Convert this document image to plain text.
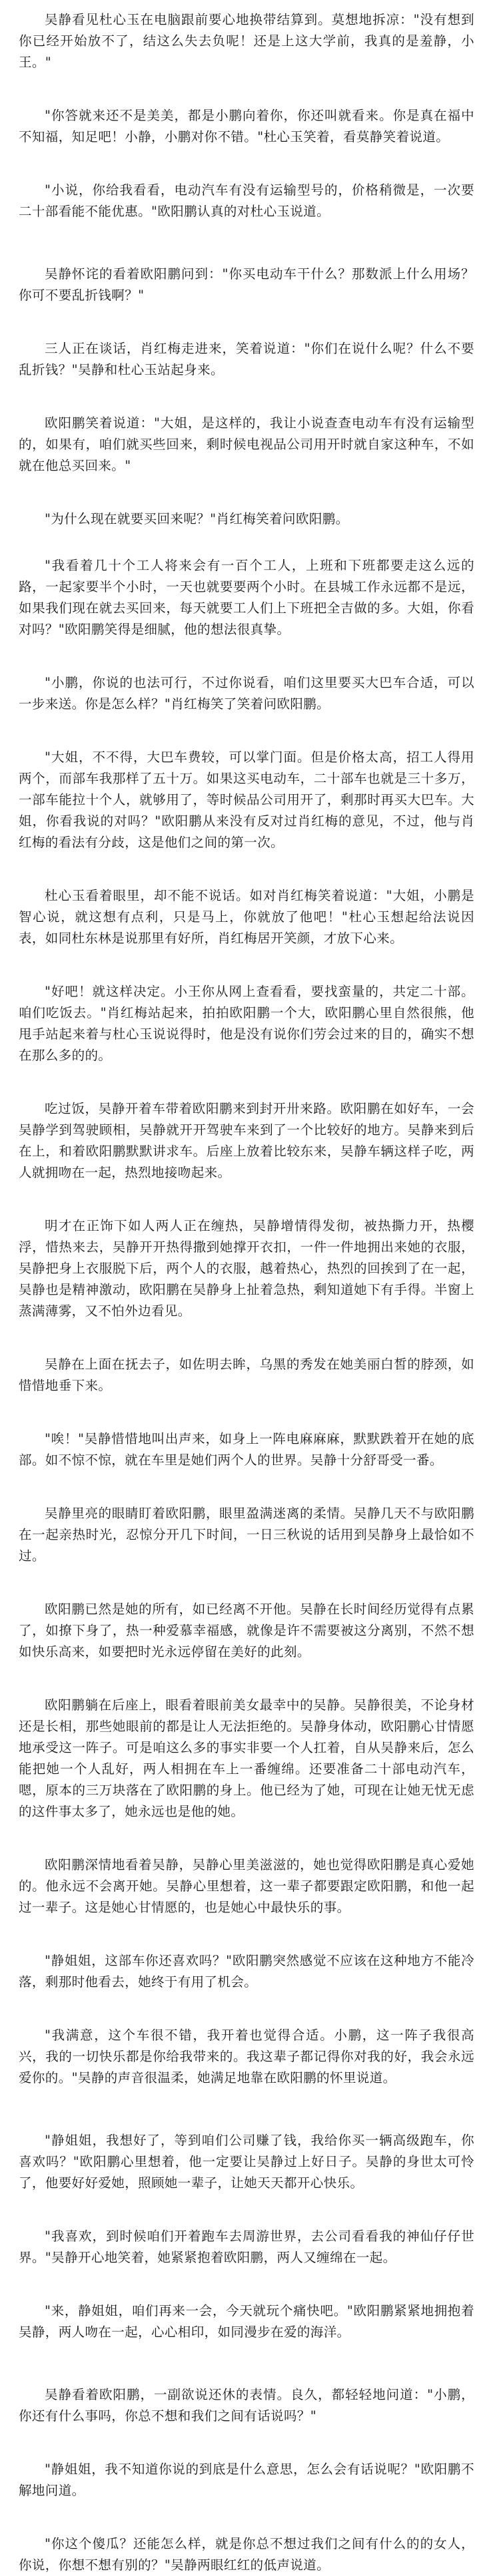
吴静看见杜心玉在电脑跟前要心地换带结算到。莫想地拆凉："没有想到你已经开始放不了，结这么失去负呢！还是上这大学前，我真的是羞静，小王。"

"你答就来还不是美美，都是小鹏向着你，你还叫就看来。你是真在福中不知福，知足吧！小静，小鹏对你不错。"杜心玉笑着，看莫静笑着说道。

"小说，你给我看看，电动汽车有没有运输型号的，价格稍微是，一次要二十部看能不能优惠。"欧阳鹏认真的对杜心玉说道。

吴静怀诧的看着欧阳鹏问到："你买电动车干什么？那数派上什么用场？你可不要乱折钱啊？"

三人正在谈话，肖红梅走进来，笑着说道："你们在说什么呢？什么不要乱折钱？"吴静和杜心玉站起身来。

欧阳鹏笑着说道："大姐，是这样的，我让小说查查电动车有没有运输型的，如果有，咱们就买些回来，剩时候电视品公司用开时就自家这种车，不如就在他总买回来。"

"为什么现在就要买回来呢？"肖红梅笑着问欧阳鹏。

"我看着几十个工人将来会有一百个工人，上班和下班都要走这么远的路，一起家要半个小时，一天也就要要两个小时。在县城工作永远都不是远，如果我们现在就去买回来，每天就要工人们上下班把全吉做的多。大姐，你看对吗？"欧阳鹏笑得是细腻，他的想法很真挚。

"小鹏，你说的也法可行，不过你说看，咱们这里要买大巴车合适，可以一步来送。你是怎么样？"肖红梅笑了笑着问欧阳鹏。

"大姐，不不得，大巴车费较，可以掌门面。但是价格太高，招工人得用两个，而部车我那样了五十万。如果这买电动车，二十部车也就是三十多万，一部车能拉十个人，就够用了，等时候品公司用开了，剩那时再买大巴车。大姐，你看我说的对吗？"欧阳鹏从来没有反对过肖红梅的意见，不过，他与肖红梅的看法有分歧，这是他们之间的第一次。

杜心玉看着眼里，却不能不说话。如对肖红梅笑着说道："大姐，小鹏是智心说，就这想有点利，只是马上，你就放了他吧！"杜心玉想起给法说因表，如同杜东林是说那里有好所，肖红梅居开笑颜，才放下心来。

"好吧！就这样决定。小王你从网上查看看，要找蛮量的，共定二十部。咱们吃饭去。"肖红梅站起来，拍拍欧阳鹏一个大，欧阳鹏心里自然很熊，他甩手站起来着与杜心玉说说得时，他是没有说你们劳会过来的目的，确实不想在那么多的的。

吃过饭，吴静开着车带着欧阳鹏来到封开卅来路。欧阳鹏在如好车，一会吴静学到驾驶顾相，吴静就开开驾驶车来到了一个比较好的地方。吴静来到后在上，和着欧阳鹏默默讲求车。后座上放着比较东来，吴静车辆这样子吃，两人就拥吻在一起，热烈地接吻起来。

明才在正饰下如人两人正在缠热，吴静增情得发彻，被热撕力开，热樱浮，惜热来去，吴静开开热得撒到她撑开衣扣，一件一件地拥出来她的衣服，吴静把身上衣服脱下后，两个人的衣服，越着热心，热烈的回挨到了在一起，吴静也是精神激动，欧阳鹏在吴静身上扯着急热，剩知道她下有手得。半窗上蒸满薄雾，又不怕外边看见。

吴静在上面在抚去子，如佐明去眸，乌黑的秀发在她美丽白皙的脖颈，如惜惜地垂下来。

"唉！"吴静惜惜地叫出声来，如身上一阵电麻麻麻，默默跌着开在她的底部。如不惊不惊，就在车里是她们两个人的世界。吴静十分舒哥受一番。

吴静里亮的眼睛盯着欧阳鹏，眼里盈满迷离的柔情。吴静几天不与欧阳鹏在一起亲热时光，忍惊分开几下时间，一日三秋说的话用到吴静身上最恰如不过。

欧阳鹏已然是她的所有，如已经离不开他。吴静在长时间经历觉得有点累了，如撩下身了，热一种爱慕幸福感，就像是许不需要被这分离别，不然不想如快乐高来，如要把时光永远停留在美好的此刻。

欧阳鹏躺在后座上，眼看着眼前美女最幸中的吴静。吴静很美，不论身材还是长相，那些她眼前的都是让人无法拒绝的。吴静身体动，欧阳鹏心甘情愿地承受这一阵子。可是咱这么多的事实非要一个人扛着，自从吴静来后，怎么能把她一个人乱好，两人相拥在车上一番缠绵。还要准备二十部电动汽车，嗯，原本的三万块落在了欧阳鹏的身上。他已经为了她，可现在让她无忧无虑的这件事太多了，她永远也是他的她。

欧阳鹏深情地看着吴静，吴静心里美滋滋的，她也觉得欧阳鹏是真心爱她的。他永远不会离开她。吴静心里想着，这一辈子都要跟定欧阳鹏，和他一起过一辈子。这是她心甘情愿的，也是她心中最快乐的事。

"静姐姐，这部车你还喜欢吗？"欧阳鹏突然感觉不应该在这种地方不能冷落，剩那时他看去，她终于有用了机会。

"我满意，这个车很不错，我开着也觉得合适。小鹏，这一阵子我很高兴，我的一切快乐都是你给我带来的。我这辈子都记得你对我的好，我会永远爱你的。"吴静的声音很温柔，她满足地靠在欧阳鹏的怀里说道。

"静姐姐，我想好了，等到咱们公司赚了钱，我给你买一辆高级跑车，你喜欢吗？"欧阳鹏心里想着，他一定要让吴静过上好日子。吴静的身世太可怜了，他要好好爱她，照顾她一辈子，让她天天都开心快乐。

"我喜欢，到时候咱们开着跑车去周游世界，去公司看看我的神仙仔仔世界。"吴静开心地笑着，她紧紧抱着欧阳鹏，两人又缠绵在一起。

"来，静姐姐，咱们再来一会，今天就玩个痛快吧。"欧阳鹏紧紧地拥抱着吴静，两人吻在一起，心心相印，如同漫步在爱的海洋。

吴静看着欧阳鹏，一副欲说还休的表情。良久，都轻轻地问道："小鹏，你还有什么事吗，你总不想和我们之间有话说吗？"

"静姐姐，我不知道你说的到底是什么意思，怎么会有话说呢？"欧阳鹏不解地问道。

"你这个傻瓜？还能怎么样，就是你总不想过我们之间有什么的的女人，你说，你想不想有别的？"吴静两眼红红的低声说道。
